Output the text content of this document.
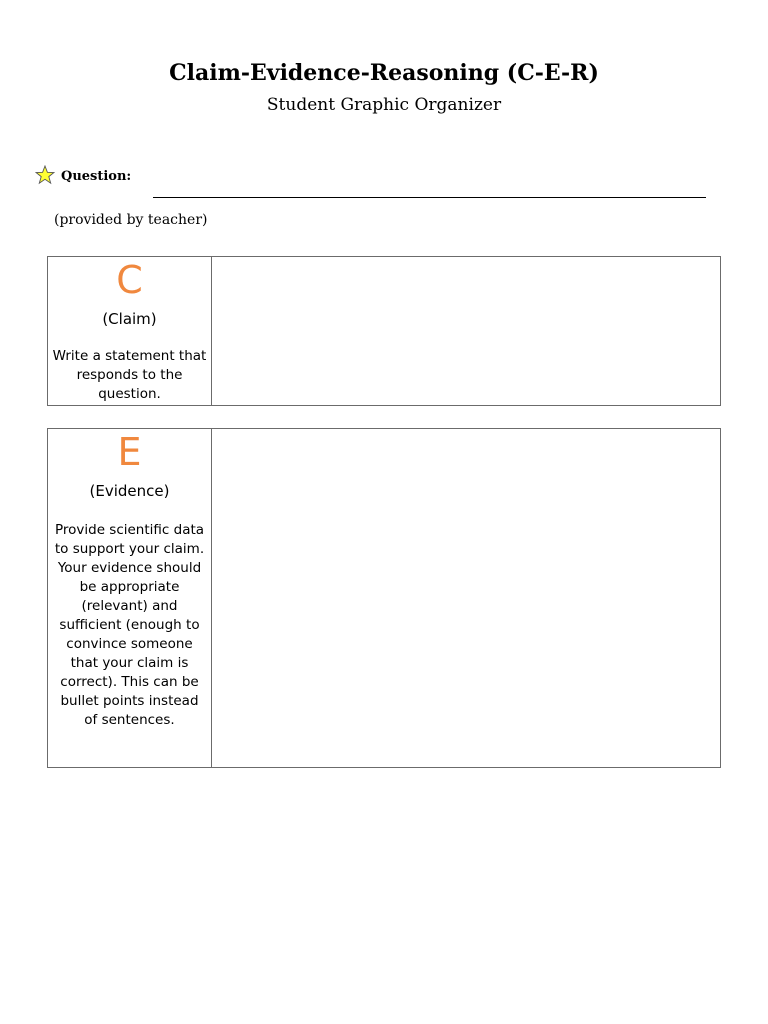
Claim-Evidence-Reasoning (C-E-R)
Student Graphic Organizer
Question:
(provided by teacher)
C
(Claim)
Write a statement that responds to the question.
E
(Evidence)
Provide scientific data to support your claim. Your evidence should be appropriate (relevant) and sufficient (enough to convince someone that your claim is correct). This can be bullet points instead of sentences.
